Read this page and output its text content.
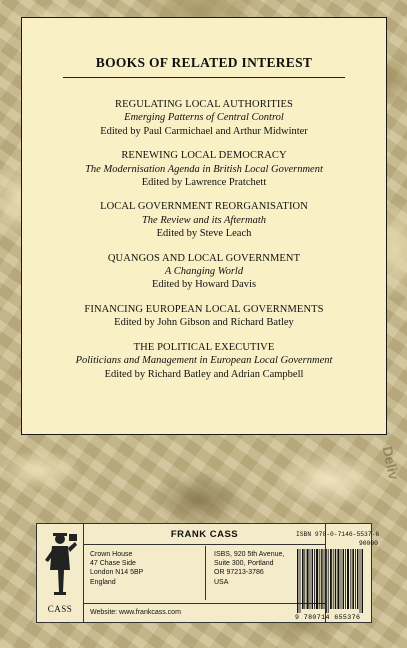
Deliv
BOOKS OF RELATED INTEREST
REGULATING LOCAL AUTHORITIES
Emerging Patterns of Central Control
Edited by Paul Carmichael and Arthur Midwinter
RENEWING LOCAL DEMOCRACY
The Modernisation Agenda in British Local Government
Edited by Lawrence Pratchett
LOCAL GOVERNMENT REORGANISATION
The Review and its Aftermath
Edited by Steve Leach
QUANGOS AND LOCAL GOVERNMENT
A Changing World
Edited by Howard Davis
FINANCING EUROPEAN LOCAL GOVERNMENTS
Edited by John Gibson and Richard Batley
THE POLITICAL EXECUTIVE
Politicians and Management in European Local Government
Edited by Richard Batley and Adrian Campbell
CASS
FRANK CASS
Crown House
47 Chase Side
London N14 5BP
England
ISBS, 920 5th Avenue,
Suite 300, Portland
OR 97213-3786
USA
Website: www.frankcass.com
ISBN 978-0-7146-5537-6
90000
9 780714 655376
